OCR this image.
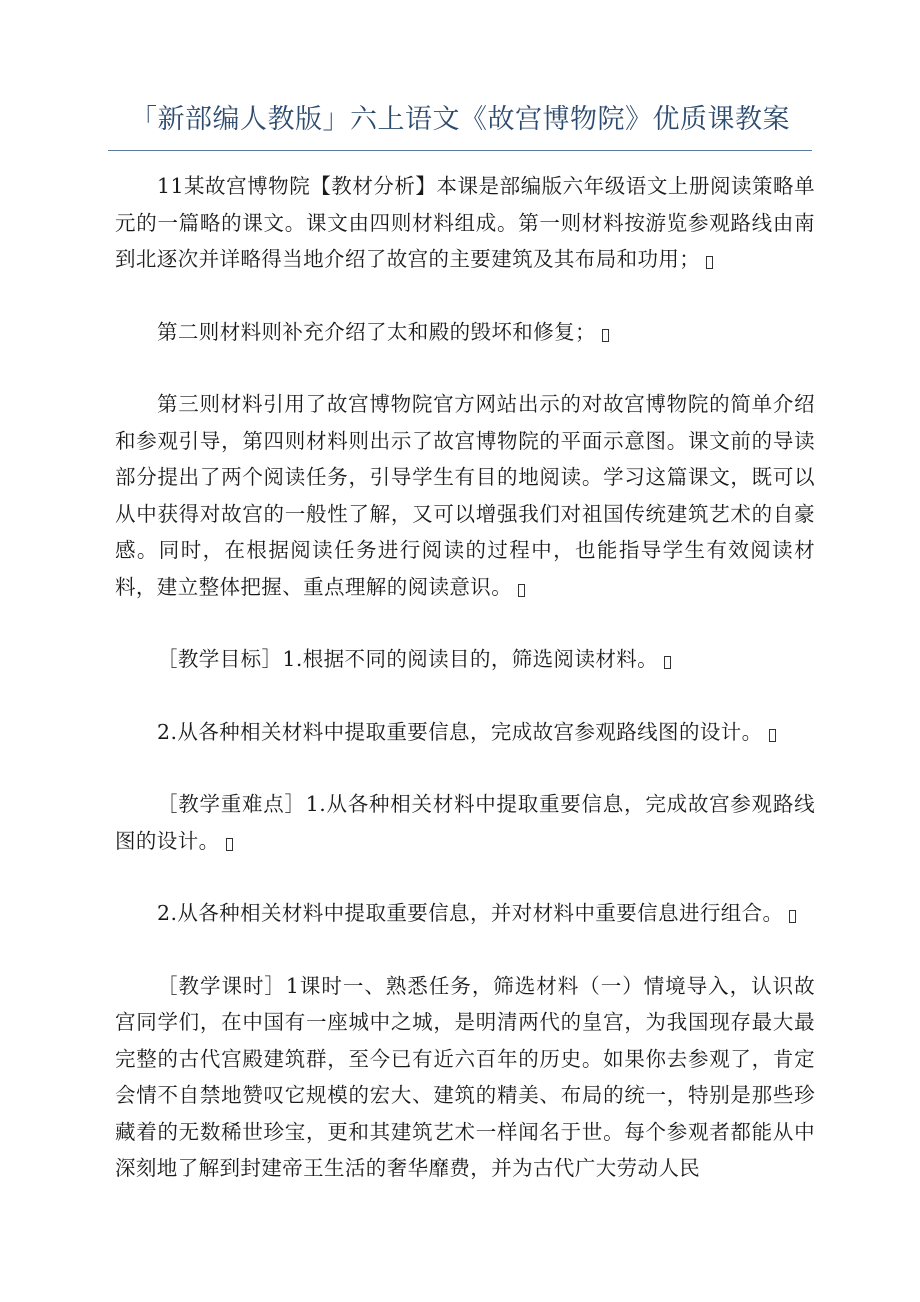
「新部编人教版」六上语文《故宫博物院》优质课教案

11某故宫博物院【教材分析】本课是部编版六年级语文上册阅读策略单元的一篇略的课文。课文由四则材料组成。第一则材料按游览参观路线由南到北逐次并详略得当地介绍了故宫的主要建筑及其布局和功用；

第二则材料则补充介绍了太和殿的毁坏和修复；

第三则材料引用了故宫博物院官方网站出示的对故宫博物院的简单介绍和参观引导，第四则材料则出示了故宫博物院的平面示意图。课文前的导读部分提出了两个阅读任务，引导学生有目的地阅读。学习这篇课文，既可以从中获得对故宫的一般性了解，又可以增强我们对祖国传统建筑艺术的自豪感。同时，在根据阅读任务进行阅读的过程中，也能指导学生有效阅读材料，建立整体把握、重点理解的阅读意识。

［教学目标］1.根据不同的阅读目的，筛选阅读材料。

2.从各种相关材料中提取重要信息，完成故宫参观路线图的设计。

［教学重难点］1.从各种相关材料中提取重要信息，完成故宫参观路线图的设计。

2.从各种相关材料中提取重要信息，并对材料中重要信息进行组合。

［教学课时］1课时一、熟悉任务，筛选材料（一）情境导入，认识故宫同学们，在中国有一座城中之城，是明清两代的皇宫，为我国现存最大最完整的古代宫殿建筑群，至今已有近六百年的历史。如果你去参观了，肯定会情不自禁地赞叹它规模的宏大、建筑的精美、布局的统一，特别是那些珍藏着的无数稀世珍宝，更和其建筑艺术一样闻名于世。每个参观者都能从中深刻地了解到封建帝王生活的奢华靡费，并为古代广大劳动人民
